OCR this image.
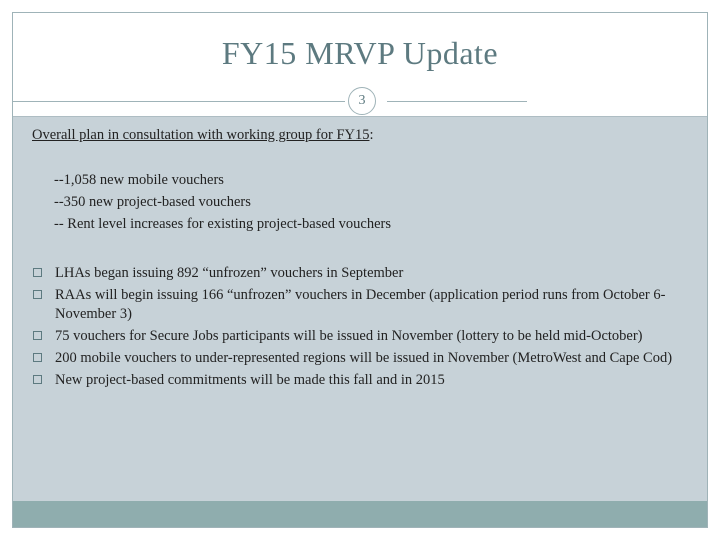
FY15 MRVP Update
3
Overall plan in consultation with working group for FY15:
--1,058 new mobile vouchers
--350 new project-based vouchers
-- Rent level increases for existing project-based vouchers
LHAs began issuing 892 “unfrozen” vouchers in September
RAAs will begin issuing 166 “unfrozen” vouchers in December (application period runs from October 6-November 3)
75 vouchers for Secure Jobs participants will be issued in November (lottery to be held mid-October)
200 mobile vouchers to under-represented regions will be issued in November (MetroWest and Cape Cod)
New project-based commitments will be made this fall and in 2015
